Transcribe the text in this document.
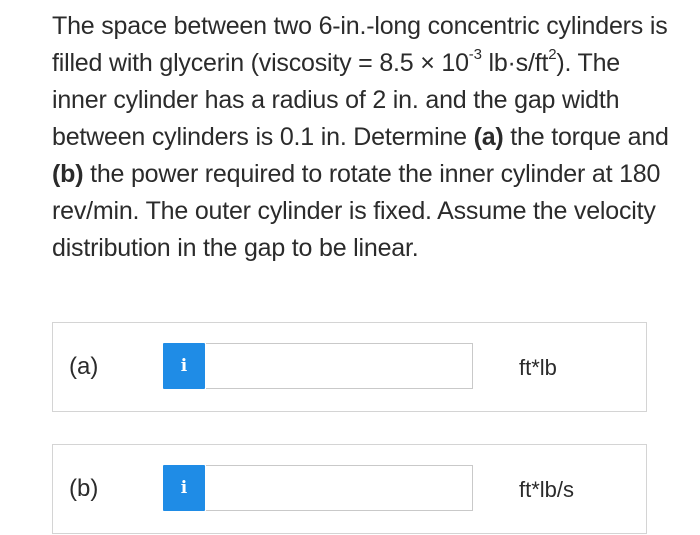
The space between two 6-in.-long concentric cylinders is filled with glycerin (viscosity = $8.5 \times 10^{-3}$ $lb\cdot s/ft^2$). The inner cylinder has a radius of 2 in. and the gap width between cylinders is 0.1 in. Determine (a) the torque and (b) the power required to rotate the inner cylinder at 180 rev/min. The outer cylinder is fixed. Assume the velocity distribution in the gap to be linear.

(a)	i	ft*lb
(b)	i	ft*lb/s
